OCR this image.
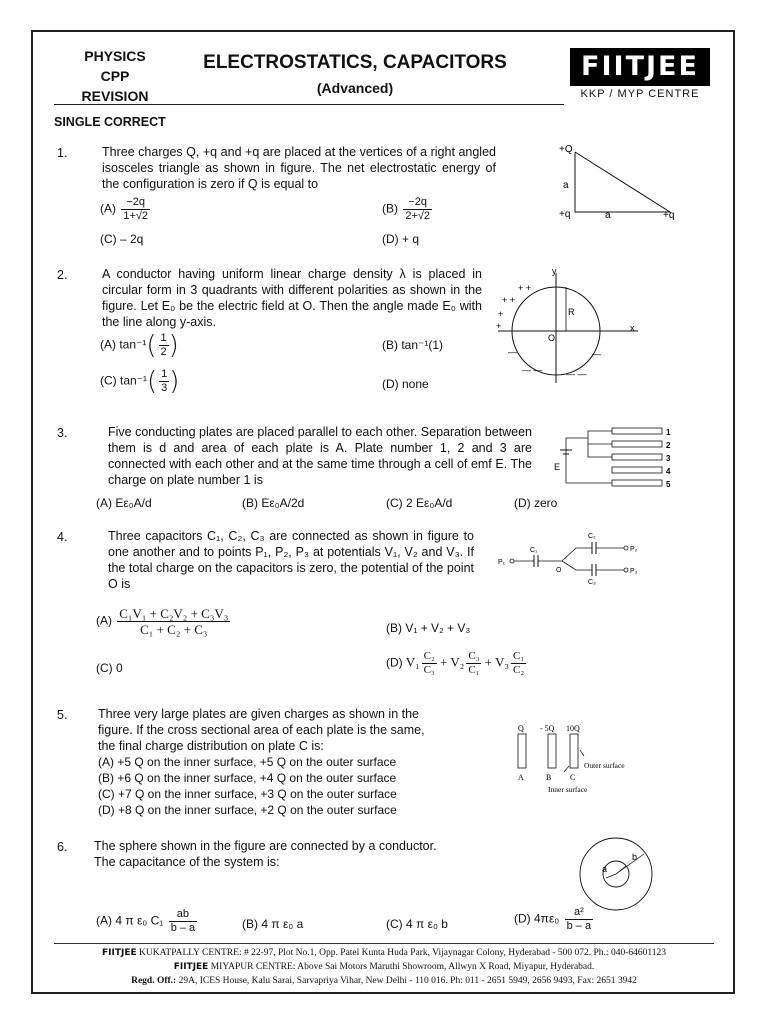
PHYSICS
CPP
REVISION
ELECTROSTATICS, CAPACITORS
(Advanced)
FIITJEE
KKP / MYP CENTRE
SINGLE CORRECT
1.	Three charges Q, +q and +q are placed at the vertices of a right angled isosceles triangle as shown in figure. The net electrostatic energy of the configuration is zero if Q is equal to
$(A) \frac{-2q}{1+√2}$	$(B) \frac{-2q}{2+√2}$
(C) – 2q	(D) + q
+Q
a
+q	a	+q
2.	A conductor having uniform linear charge density λ is placed in circular form in 3 quadrants with different polarities as shown in the figure. Let E₀ be the electric field at O. Then the angle made E₀ with the line along y-axis.
(A) $\tan^{-1}( \frac{1}{2}$ )	(B) tan⁻¹(1)
(C) $\tan^{-1}( \frac{1}{3}$ )	(D) none
+ +
+
+
+ +
—
— —	— —
—
y
x
R
O
3.	Five conducting plates are placed parallel to each other. Separation between them is d and area of each plate is A. Plate number 1, 2 and 3 are connected with each other and at the same time through a cell of emf E. The charge on plate number 1 is
(A) Eε₀A/d	(B) Eε₀A/2d	(C) 2 Eε₀A/d	(D) zero
1
2
3
4
5
E
4.	Three capacitors C₁, C₂, C₃ are connected as shown in figure to one another and to points P₁, P₂, P₃ at potentials V₁, V₂ and V₃. If the total charge on the capacitors is zero, the potential of the point O is
$(A) \frac{\text{C₁V₁ + C₂V₂ + C₃V₃}}{\text{C₁ + C₂ + C₃}}$	(B) V₁ + V₂ + V₃
(C) 0	(D) $V_1 \frac{\text{C₂}}{\text{C₃}} + V_2 \frac{\text{C₃}}{\text{C₁}} + V_3 \frac{\text{C₁}}{\text{C₂}}$
P₁
C₁
O
C₂
C₃
P₂
P₃
5. Three very large plates are given charges as shown in the figure. If the cross sectional area of each plate is the same, the final charge distribution on plate C is:
(A) +5 Q on the inner surface, +5 Q on the outer surface
(B) +6 Q on the inner surface, +4 Q on the outer surface
(C) +7 Q on the inner surface, +3 Q on the outer surface
(D) +8 Q on the inner surface, +2 Q on the outer surface
Q - 5Q 10Q
A	B C
Outer surface
Inner surface
6. The sphere shown in the figure are connected by a conductor. The capacitance of the system is:
(A) 4 π ε₀ $C_1 \frac{ab}{b - a}$	(B) 4 π ε₀ a	(C) 4 π ε₀ b	(D) $4\pi\varepsilon_0 \frac{\text{a²}}{b - a}$
a
b
FIITJEE KUKATPALLY CENTRE: # 22-97, Plot No.1, Opp. Patel Kunta Huda Park, Vijaynagar Colony, Hyderabad - 500 072. Ph.: 040-64601123
FIITJEE MIYAPUR CENTRE: Above Sai Motors Maruthi Showroom, Allwyn X Road, Miyapur, Hyderabad.
Regd. Off.: 29A, ICES House, Kalu Sarai, Sarvapriya Vihar, New Delhi - 110 016. Ph: 011 - 2651 5949, 2656 9493, Fax: 2651 3942
